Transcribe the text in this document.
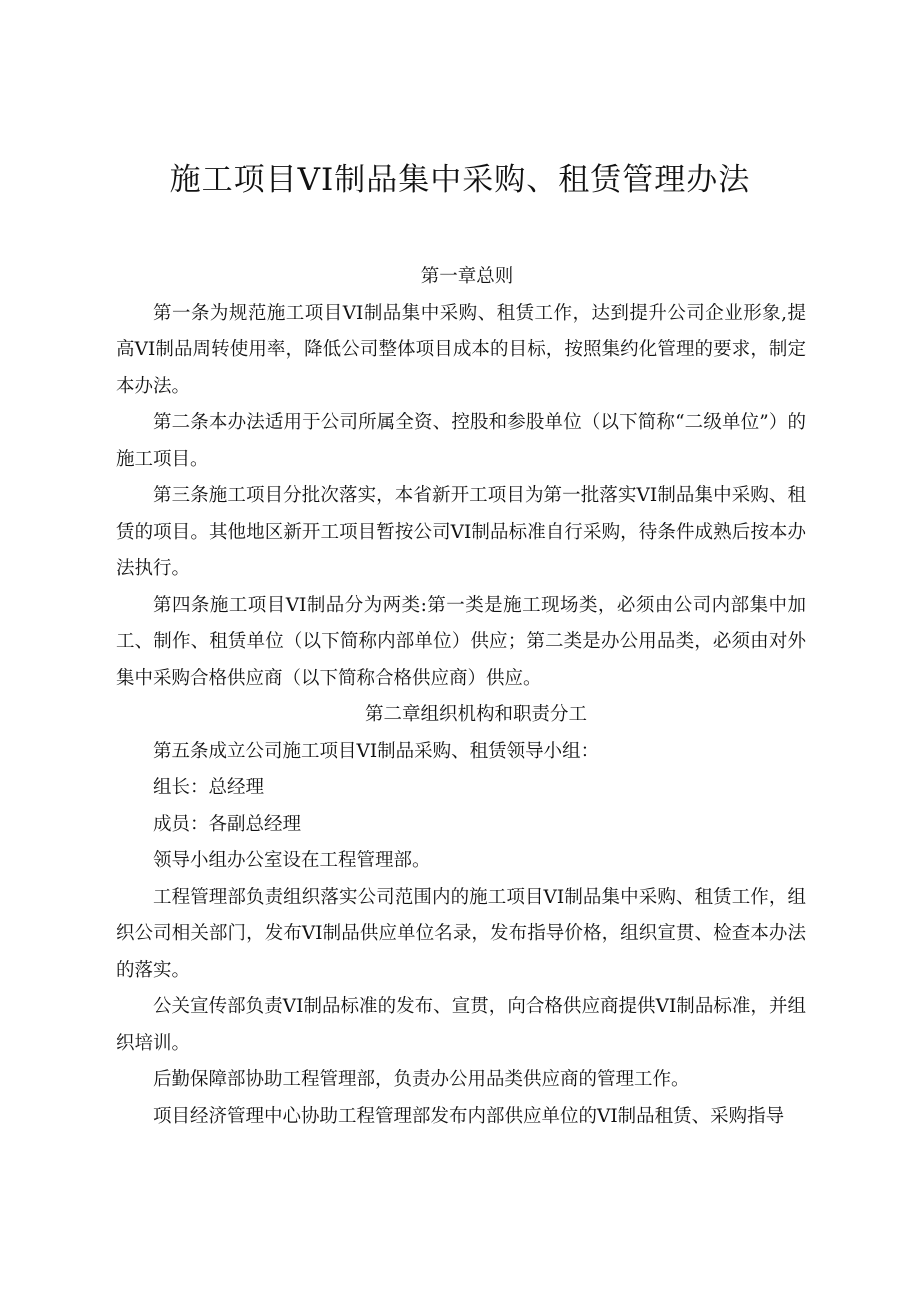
施工项目VI制品集中采购、租赁管理办法
第一章总则

第一条为规范施工项目VI制品集中采购、租赁工作，达到提升公司企业形象,提高VI制品周转使用率，降低公司整体项目成本的目标，按照集约化管理的要求，制定本办法。

第二条本办法适用于公司所属全资、控股和参股单位（以下简称“二级单位”）的施工项目。

第三条施工项目分批次落实，本省新开工项目为第一批落实VI制品集中采购、租赁的项目。其他地区新开工项目暂按公司VI制品标准自行采购，待条件成熟后按本办法执行。

第四条施工项目VI制品分为两类:第一类是施工现场类，必须由公司内部集中加工、制作、租赁单位（以下简称内部单位）供应；第二类是办公用品类，必须由对外集中采购合格供应商（以下简称合格供应商）供应。

第二章组织机构和职责分工

第五条成立公司施工项目VI制品采购、租赁领导小组：

组长：总经理

成员：各副总经理

领导小组办公室设在工程管理部。

工程管理部负责组织落实公司范围内的施工项目VI制品集中采购、租赁工作，组织公司相关部门，发布VI制品供应单位名录，发布指导价格，组织宣贯、检查本办法的落实。

公关宣传部负责VI制品标准的发布、宣贯，向合格供应商提供VI制品标准，并组织培训。

后勤保障部协助工程管理部，负责办公用品类供应商的管理工作。

项目经济管理中心协助工程管理部发布内部供应单位的VI制品租赁、采购指导
